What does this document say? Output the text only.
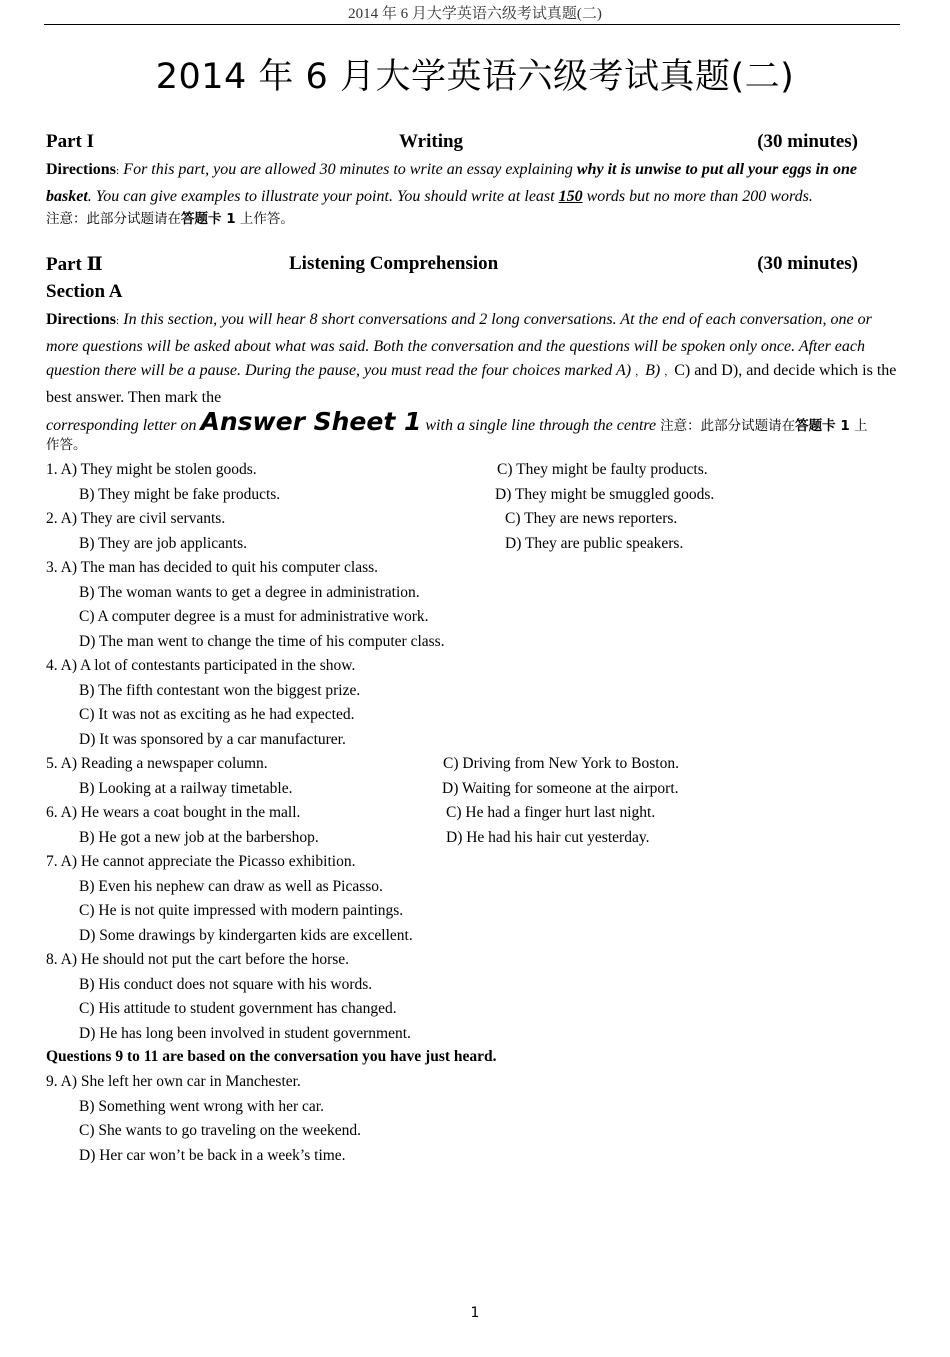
2014 年 6 月大学英语六级考试真题(二)
2014 年 6 月大学英语六级考试真题(二)
Part I	Writing	(30 minutes)
Directions: For this part, you are allowed 30 minutes to write an essay explaining why it is unwise to put all your eggs in one basket. You can give examples to illustrate your point. You should write at least 150 words but no more than 200 words.
注意：此部分试题请在答题卡 1 上作答。
Part Ⅱ	Listening Comprehension	(30 minutes)
Section A
Directions: In this section, you will hear 8 short conversations and 2 long conversations. At the end of each conversation, one or more questions will be asked about what was said. Both the conversation and the questions will be spoken only once. After each question there will be a pause. During the pause, you must read the four choices marked A) ，B) ，C) and D), and decide which is the best answer. Then mark the
corresponding letter on Answer Sheet 1 with a single line through the centre 注意：此部分试题请在答题卡 1 上
作答。
1. A) They might be stolen goods.	C) They might be faulty products.
B) They might be fake products.	D) They might be smuggled goods.
2. A) They are civil servants.	C) They are news reporters.
B) They are job applicants.	D) They are public speakers.
3. A) The man has decided to quit his computer class.
B) The woman wants to get a degree in administration.
C) A computer degree is a must for administrative work.
D) The man went to change the time of his computer class.
4. A) A lot of contestants participated in the show.
B) The fifth contestant won the biggest prize.
C) It was not as exciting as he had expected.
D) It was sponsored by a car manufacturer.
5. A) Reading a newspaper column.	C) Driving from New York to Boston.
B) Looking at a railway timetable.	D) Waiting for someone at the airport.
6. A) He wears a coat bought in the mall.	C) He had a finger hurt last night.
B) He got a new job at the barbershop.	D) He had his hair cut yesterday.
7. A) He cannot appreciate the Picasso exhibition.
B) Even his nephew can draw as well as Picasso.
C) He is not quite impressed with modern paintings.
D) Some drawings by kindergarten kids are excellent.
8. A) He should not put the cart before the horse.
B) His conduct does not square with his words.
C) His attitude to student government has changed.
D) He has long been involved in student government.
Questions 9 to 11 are based on the conversation you have just heard.
9. A) She left her own car in Manchester.
B) Something went wrong with her car.
C) She wants to go traveling on the weekend.
D) Her car won’t be back in a week’s time.
1
